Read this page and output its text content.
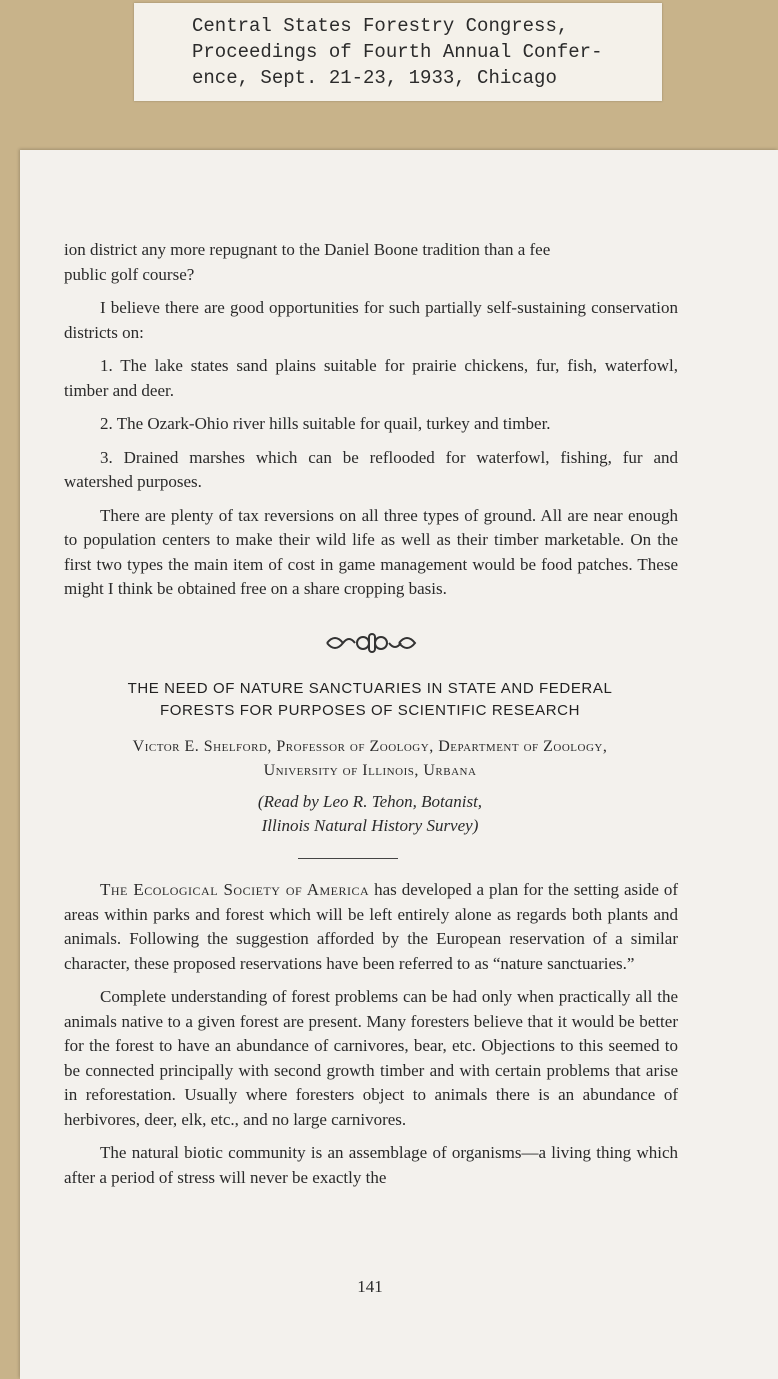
Central Statеs Forestry Congress,
Proceedings of Fourth Annual Confer-
ence, Sept. 21-23, 1933, Chicago

ion district any more repugnant to the Daniel Boone tradition than a fee

public golf course?

I believe there are good opportunities for such partially self-sustaining conservation districts on:

1. The lake states sand plains suitable for prairie chickens, fur, fish, waterfowl, timber and deer.

2. The Ozark-Ohio river hills suitable for quail, turkey and timber.

3. Drained marshes which can be reflooded for waterfowl, fishing, fur and watershed purposes.

There are plenty of tax reversions on all three types of ground. All are near enough to population centers to make their wild life as well as their timber marketable. On the first two types the main item of cost in game management would be food patches. These might I think be obtained free on a share cropping basis.

THE NEED OF NATURE SANCTUARIES IN STATE AND FEDERAL
FORESTS FOR PURPOSES OF SCIENTIFIC RESEARCH
Victor E. Shelford, Professor of Zoology, Department of Zoology,
University of Illinois, Urbana
(Read by Leo R. Tehon, Botanist,
Illinois Natural History Survey)

The Ecological Society of America has developed a plan for the setting aside of areas within parks and forest which will be left entirely alone as regards both plants and animals. Following the suggestion afforded by the European reservation of a similar character, these proposed reservations have been referred to as “nature sanctuaries.”

Complete understanding of forest problems can be had only when practically all the animals native to a given forest are present. Many foresters believe that it would be better for the forest to have an abundance of carnivores, bear, etc. Objections to this seemed to be connected principally with second growth timber and with certain problems that arise in reforestation. Usually where foresters object to animals there is an abundance of herbivores, deer, elk, etc., and no large carnivores.

The natural biotic community is an assemblage of organisms—a living thing which after a period of stress will never be exactly the

141
